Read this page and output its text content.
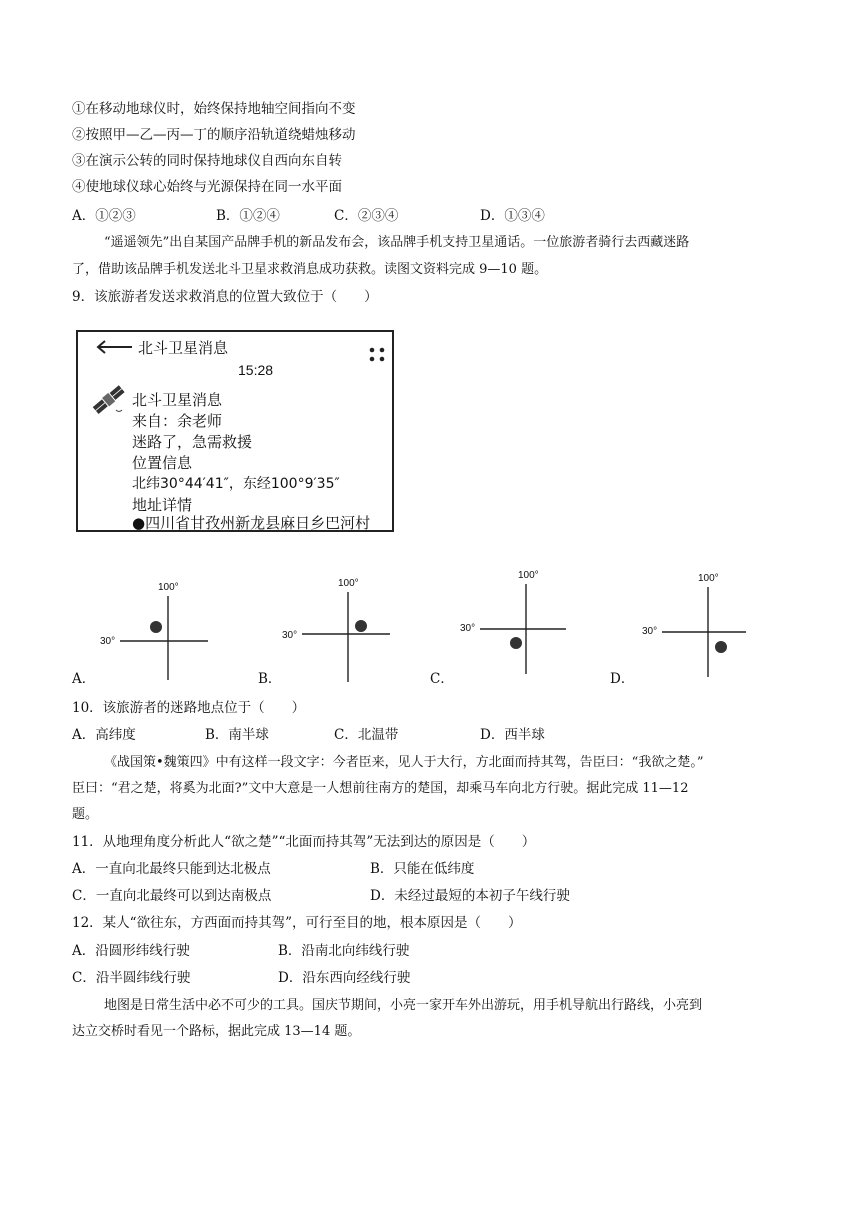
①在移动地球仪时，始终保持地轴空间指向不变
②按照甲—乙—丙—丁的顺序沿轨道绕蜡烛移动
③在演示公转的同时保持地球仪自西向东自转
④使地球仪球心始终与光源保持在同一水平面
A．①②③	B．①②④	C．②③④	D．①③④
“遥遥领先”出自某国产品牌手机的新品发布会，该品牌手机支持卫星通话。一位旅游者骑行去西藏迷路
了，借助该品牌手机发送北斗卫星求救消息成功获救。读图文资料完成 9—10 题。
9．该旅游者发送求救消息的位置大致位于（　　）
北斗卫星消息
15:28
北斗卫星消息
来自：余老师
迷路了，急需救援
位置信息
北纬30°44′41″，东经100°9′35″
地址详情
●四川省甘孜州新龙县麻日乡巴河村
100°
30°
A．
100°
30°
B．
100°
30°
C．
100°
30°
D．
10．该旅游者的迷路地点位于（　　）
A．高纬度	B．南半球	C．北温带	D．西半球
《战国策•魏策四》中有这样一段文字：今者臣来，见人于大行，方北面而持其驾，告臣曰：“我欲之楚。”
臣曰：“君之楚，将奚为北面?”文中大意是一人想前往南方的楚国，却乘马车向北方行驶。据此完成 11—12
题。
11．从地理角度分析此人“欲之楚”“北面而持其驾”无法到达的原因是（　　）
A．一直向北最终只能到达北极点	B．只能在低纬度
C．一直向北最终可以到达南极点	D．未经过最短的本初子午线行驶
12．某人“欲往东，方西面而持其驾”，可行至目的地，根本原因是（　　）
A．沿圆形纬线行驶	B．沿南北向纬线行驶
C．沿半圆纬线行驶	D．沿东西向经线行驶
地图是日常生活中必不可少的工具。国庆节期间，小亮一家开车外出游玩，用手机导航出行路线，小亮到
达立交桥时看见一个路标，据此完成 13—14 题。
